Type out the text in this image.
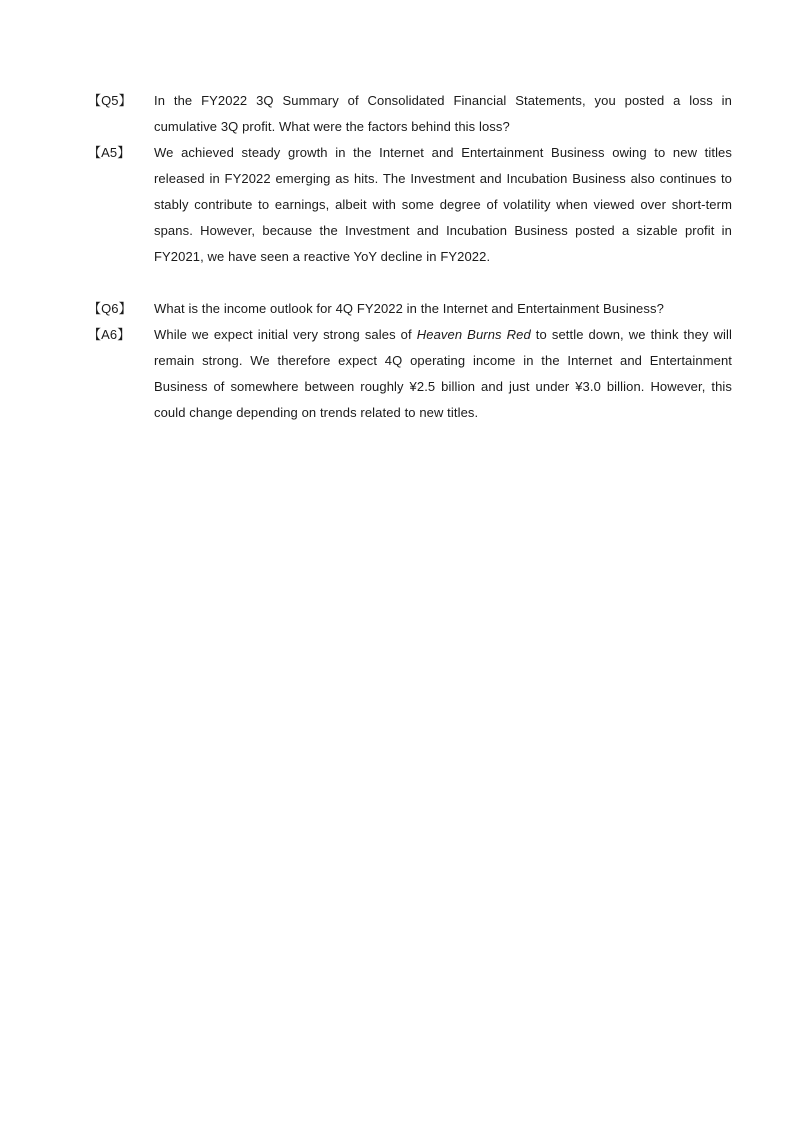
【Q5】	In the FY2022 3Q Summary of Consolidated Financial Statements, you posted a loss in cumulative 3Q profit. What were the factors behind this loss?
【A5】	We achieved steady growth in the Internet and Entertainment Business owing to new titles released in FY2022 emerging as hits. The Investment and Incubation Business also continues to stably contribute to earnings, albeit with some degree of volatility when viewed over short-term spans. However, because the Investment and Incubation Business posted a sizable profit in FY2021, we have seen a reactive YoY decline in FY2022.
【Q6】	What is the income outlook for 4Q FY2022 in the Internet and Entertainment Business?
【A6】	While we expect initial very strong sales of Heaven Burns Red to settle down, we think they will remain strong. We therefore expect 4Q operating income in the Internet and Entertainment Business of somewhere between roughly ¥2.5 billion and just under ¥3.0 billion. However, this could change depending on trends related to new titles.
